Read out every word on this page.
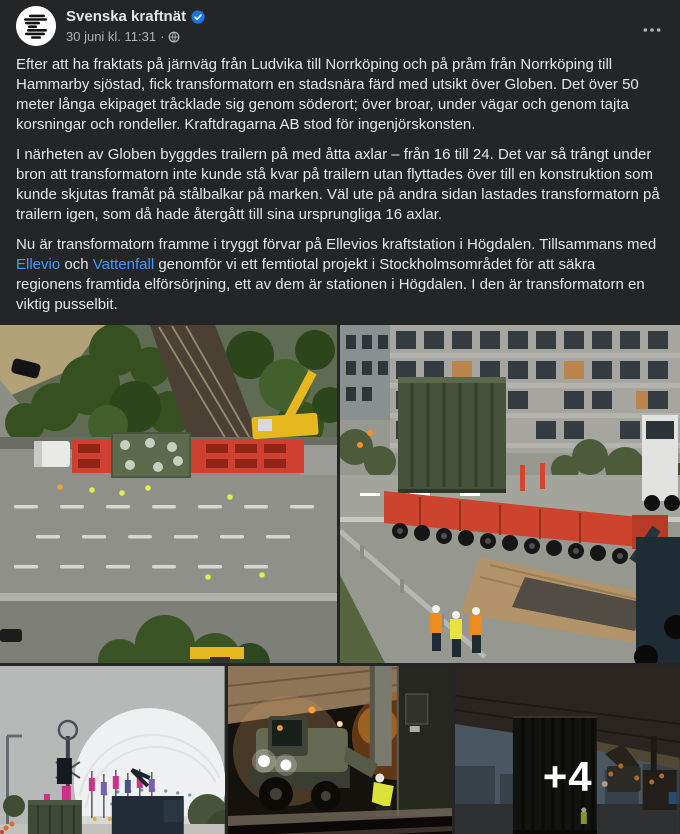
Svenska kraftnät
30 juni kl. 11:31 ·

Efter att ha fraktats på järnväg från Ludvika till Norrköping och på pråm från Norrköping till Hammarby sjöstad, fick transformatorn en stadsnära färd med utsikt över Globen. Det över 50 meter långa ekipaget tråcklade sig genom söderort; över broar, under vägar och genom tajta korsningar och rondeller. Kraftdragarna AB stod för ingenjörskonsten.

I närheten av Globen byggdes trailern på med åtta axlar – från 16 till 24. Det var så trångt under bron att transformatorn inte kunde stå kvar på trailern utan flyttades över till en konstruktion som kunde skjutas framåt på stålbalkar på marken. Väl ute på andra sidan lastades transformatorn på trailern igen, som då hade återgått till sina ursprungliga 16 axlar.

Nu är transformatorn framme i tryggt förvar på Ellevios kraftstation i Högdalen. Tillsammans med Ellevio och Vattenfall genomför vi ett femtiotal projekt i Stockholmsområdet för att säkra regionens framtida elförsörjning, ett av dem är stationen i Högdalen. I den är transformatorn en viktig pusselbit.

+4
